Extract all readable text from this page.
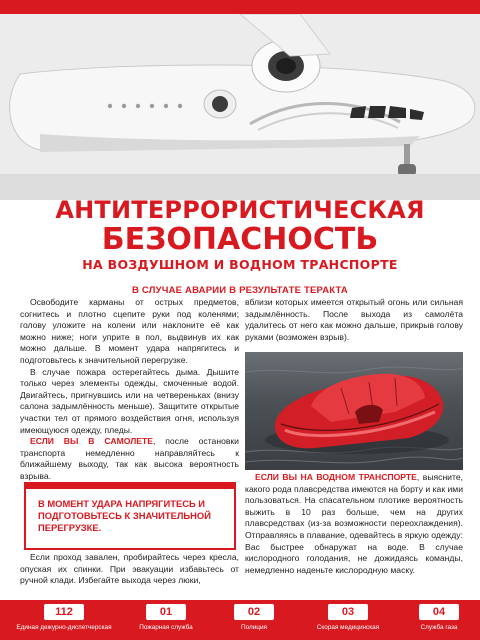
АНТИТЕРРОРИСТИЧЕСКАЯ

БЕЗОПАСНОСТЬ

НА ВОЗДУШНОМ И ВОДНОМ ТРАНСПОРТЕ

В СЛУЧАЕ АВАРИИ В РЕЗУЛЬТАТЕ ТЕРАКТА

Освободите карманы от острых предметов, согнитесь и плотно сцепите руки под коленями; голову уложите на колени или наклоните её как можно ниже; ноги уприте в пол, выдвинув их как можно дальше. В момент удара напрягитесь и подготовьтесь к значительной перегрузке.

В случае пожара остерегайтесь дыма. Дышите только через элементы одежды, смоченные водой. Двигайтесь, пригнувшись или на четвереньках (внизу салона задымлённость меньше). Защитите открытые участки тел от прямого воздействия огня, используя имеющуюся одежду, пледы.

ЕСЛИ ВЫ В САМОЛЕТЕ, после остановки транспорта немедленно направляйтесь к ближайшему выходу, так как высока вероятность взрыва.

вблизи которых имеется открытый огонь или сильная задымлённость. После выхода из самолёта удалитесь от него как можно дальше, прикрыв голову руками (возможен взрыв).

В МОМЕНТ УДАРА НАПРЯГИТЕСЬ И ПОДГОТОВЬТЕСЬ К ЗНАЧИТЕЛЬНОЙ ПЕРЕГРУЗКЕ.

Если проход завален, пробирайтесь через кресла, опуская их спинки. При эвакуации избавьтесь от ручной клади. Избегайте выхода через люки,

ЕСЛИ ВЫ НА ВОДНОМ ТРАНСПОРТЕ, выясните, какого рода плавсредства имеются на борту и как ими пользоваться. На спасательном плотике вероятность выжить в 10 раз больше, чем на других плавсредствах (из-за возможности переохлаждения). Отправляясь в плавание, одевайтесь в яркую одежду: Вас быстрее обнаружат на воде. В случае кислородного голодания, не дожидаясь команды, немедленно наденьте кислородную маску.

112
Единая дежурно-диспетчерская
01
Пожарная служба
02
Полиция
03
Скорая медицинская
04
Служба газа
